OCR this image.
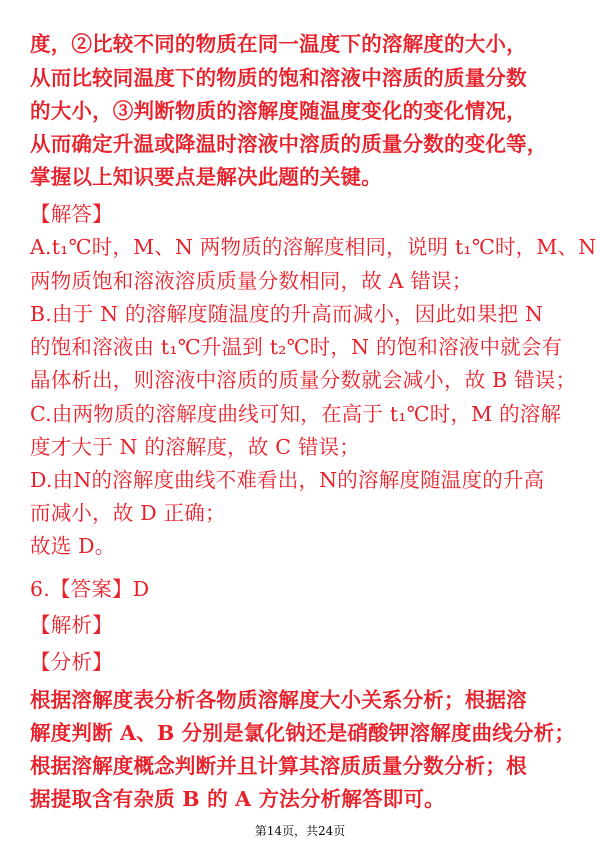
度，②比较不同的物质在同一温度下的溶解度的大小，
从而比较同温度下的物质的饱和溶液中溶质的质量分数
的大小，③判断物质的溶解度随温度变化的变化情况，
从而确定升温或降温时溶液中溶质的质量分数的变化等，
掌握以上知识要点是解决此题的关键。
【解答】
A.t₁℃时，M、N 两物质的溶解度相同，说明 t₁℃时，M、N
两物质饱和溶液溶质质量分数相同，故 A 错误；
B.由于 N 的溶解度随温度的升高而减小，因此如果把 N
的饱和溶液由 t₁℃升温到 t₂℃时，N 的饱和溶液中就会有
晶体析出，则溶液中溶质的质量分数就会减小，故 B 错误；
C.由两物质的溶解度曲线可知，在高于 t₁℃时，M 的溶解
度才大于 N 的溶解度，故 C 错误；
D.由N的溶解度曲线不难看出，N的溶解度随温度的升高
而减小，故 D 正确；
故选 D。
6.【答案】D
【解析】
【分析】
根据溶解度表分析各物质溶解度大小关系分析；根据溶
解度判断 A、B 分别是氯化钠还是硝酸钾溶解度曲线分析；
根据溶解度概念判断并且计算其溶质质量分数分析；根
据提取含有杂质 B 的 A 方法分析解答即可。
第14页，共24页
